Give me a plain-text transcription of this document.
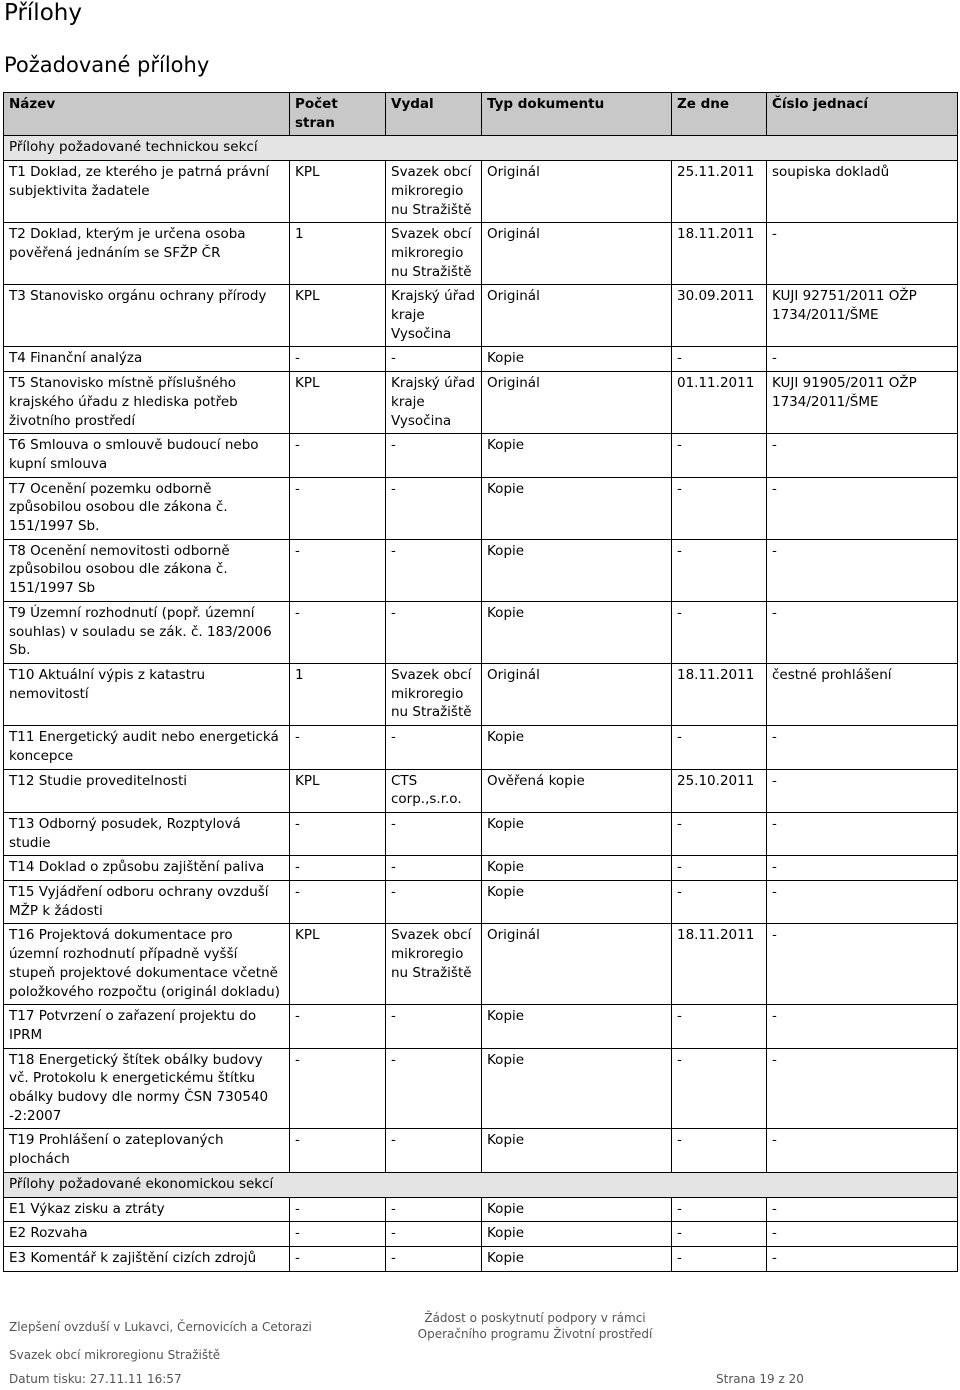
Přílohy
Požadované přílohy
Název	Počet stran	Vydal	Typ dokumentu	Ze dne	Číslo jednací
Přílohy požadované technickou sekcí					
T1 Doklad, ze kterého je patrná právní subjektivita žadatele	KPL	Svazek obcí mikroregio nu Stražiště	Originál	25.11.2011	soupiska dokladů
T2 Doklad, kterým je určena osoba pověřená jednáním se SFŽP ČR	1	Svazek obcí mikroregio nu Stražiště	Originál	18.11.2011	-
T3 Stanovisko orgánu ochrany přírody	KPL	Krajský úřad kraje Vysočina	Originál	30.09.2011	KUJI 92751/2011 OŽP 1734/2011/ŠME
T4 Finanční analýza	-	-	Kopie	-	-
T5 Stanovisko místně příslušného krajského úřadu z hlediska potřeb životního prostředí	KPL	Krajský úřad kraje Vysočina	Originál	01.11.2011	KUJI 91905/2011 OŽP 1734/2011/ŠME
T6 Smlouva o smlouvě budoucí nebo kupní smlouva	-	-	Kopie	-	-
T7 Ocenění pozemku odborně způsobilou osobou dle zákona č. 151/1997 Sb.	-	-	Kopie	-	-
T8 Ocenění nemovitosti odborně způsobilou osobou dle zákona č. 151/1997 Sb	-	-	Kopie	-	-
T9 Územní rozhodnutí (popř. územní souhlas) v souladu se zák. č. 183/2006 Sb.	-	-	Kopie	-	-
T10 Aktuální výpis z katastru nemovitostí	1	Svazek obcí mikroregio nu Stražiště	Originál	18.11.2011	čestné prohlášení
T11 Energetický audit nebo energetická koncepce	-	-	Kopie	-	-
T12 Studie proveditelnosti	KPL	CTS corp.,s.r.o.	Ověřená kopie	25.10.2011	-
T13 Odborný posudek, Rozptylová studie	-	-	Kopie	-	-
T14 Doklad o způsobu zajištění paliva	-	-	Kopie	-	-
T15 Vyjádření odboru ochrany ovzduší MŽP k žádosti	-	-	Kopie	-	-
T16 Projektová dokumentace pro územní rozhodnutí případně vyšší stupeň projektové dokumentace včetně položkového rozpočtu (originál dokladu)	KPL	Svazek obcí mikroregio nu Stražiště	Originál	18.11.2011	-
T17 Potvrzení o zařazení projektu do IPRM	-	-	Kopie	-	-
T18 Energetický štítek obálky budovy vč. Protokolu k energetickému štítku obálky budovy dle normy ČSN 730540 -2:2007	-	-	Kopie	-	-
T19 Prohlášení o zateplovaných plochách	-	-	Kopie	-	-
Přílohy požadované ekonomickou sekcí					
E1 Výkaz zisku a ztráty	-	-	Kopie	-	-
E2 Rozvaha	-	-	Kopie	-	-
E3 Komentář k zajištění cizích zdrojů	-	-	Kopie	-	-
Zlepšení ovzduší v Lukavci, Černovicích a Cetorazi
Žádost o poskytnutí podpory v rámci
Operačního programu Životní prostředí
Svazek obcí mikroregionu Stražiště
Datum tisku: 27.11.11 16:57	Strana 19 z 20
